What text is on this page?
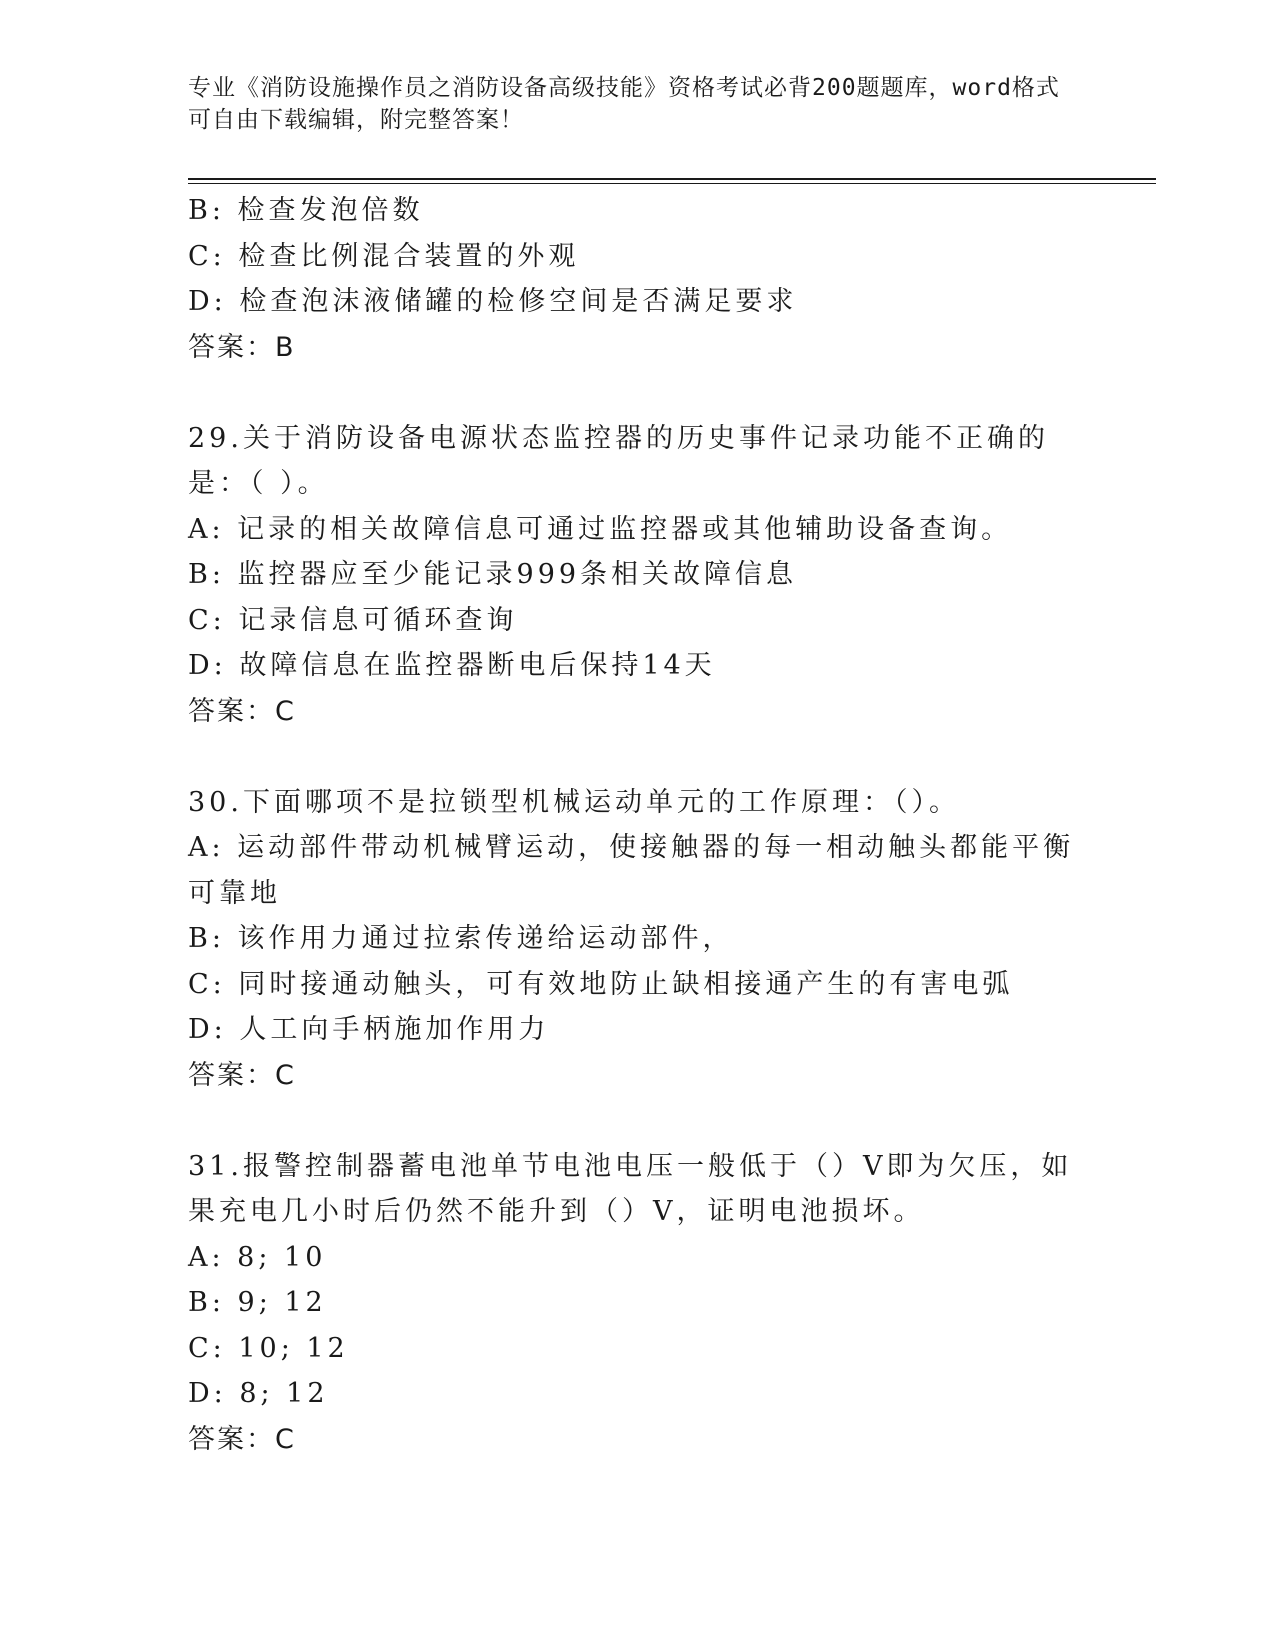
专业《消防设施操作员之消防设备高级技能》资格考试必背200题题库，word格式可自由下载编辑，附完整答案！
B: 检查发泡倍数
C: 检查比例混合装置的外观
D: 检查泡沫液储罐的检修空间是否满足要求
答案：B
29.关于消防设备电源状态监控器的历史事件记录功能不正确的是：（ ）。
A: 记录的相关故障信息可通过监控器或其他辅助设备查询。
B: 监控器应至少能记录999条相关故障信息
C: 记录信息可循环查询
D: 故障信息在监控器断电后保持14天
答案：C
30.下面哪项不是拉锁型机械运动单元的工作原理：（）。
A: 运动部件带动机械臂运动，使接触器的每一相动触头都能平衡可靠地
B: 该作用力通过拉索传递给运动部件，
C: 同时接通动触头，可有效地防止缺相接通产生的有害电弧
D: 人工向手柄施加作用力
答案：C
31.报警控制器蓄电池单节电池电压一般低于（）V即为欠压，如果充电几小时后仍然不能升到（）V，证明电池损坏。
A: 8; 10
B: 9; 12
C: 10; 12
D: 8; 12
答案：C
